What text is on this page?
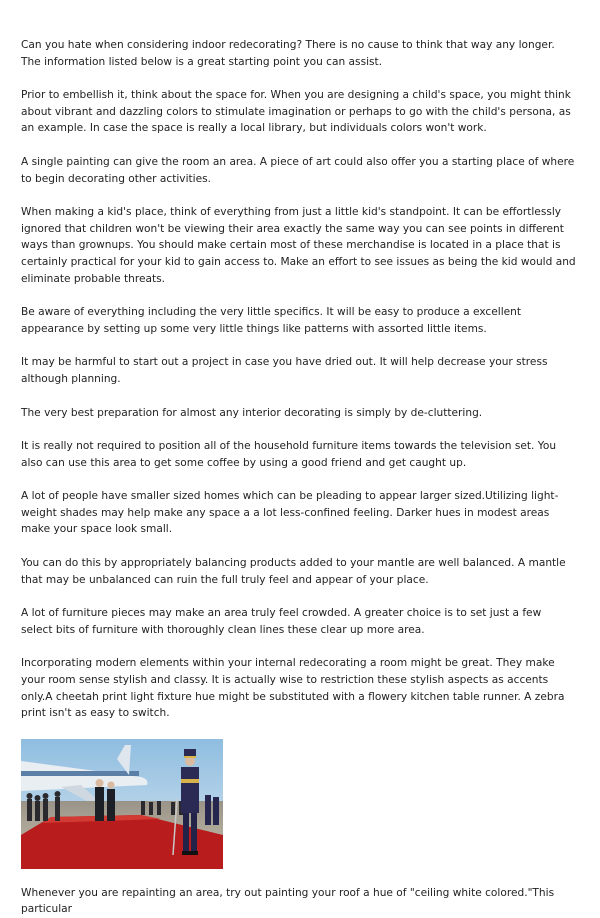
Can you hate when considering indoor redecorating? There is no cause to think that way any longer. The information listed below is a great starting point you can assist.

Prior to embellish it, think about the space for. When you are designing a child's space, you might think about vibrant and dazzling colors to stimulate imagination or perhaps to go with the child's persona, as an example. In case the space is really a local library, but individuals colors won't work.

A single painting can give the room an area. A piece of art could also offer you a starting place of where to begin decorating other activities.

When making a kid's place, think of everything from just a little kid's standpoint. It can be effortlessly ignored that children won't be viewing their area exactly the same way you can see points in different ways than grownups. You should make certain most of these merchandise is located in a place that is certainly practical for your kid to gain access to. Make an effort to see issues as being the kid would and eliminate probable threats.

Be aware of everything including the very little specifics. It will be easy to produce a excellent appearance by setting up some very little things like patterns with assorted little items.

It may be harmful to start out a project in case you have dried out. It will help decrease your stress although planning.

The very best preparation for almost any interior decorating is simply by de-cluttering.

It is really not required to position all of the household furniture items towards the television set. You also can use this area to get some coffee by using a good friend and get caught up.

A lot of people have smaller sized homes which can be pleading to appear larger sized.Utilizing light-weight shades may help make any space a a lot less-confined feeling. Darker hues in modest areas make your space look small.

You can do this by appropriately balancing products added to your mantle are well balanced. A mantle that may be unbalanced can ruin the full truly feel and appear of your place.

A lot of furniture pieces may make an area truly feel crowded. A greater choice is to set just a few select bits of furniture with thoroughly clean lines these clear up more area.

Incorporating modern elements within your internal redecorating a room might be great. They make your room sense stylish and classy. It is actually wise to restriction these stylish aspects as accents only.A cheetah print light fixture hue might be substituted with a flowery kitchen table runner. A zebra print isn't as easy to switch.

Whenever you are repainting an area, try out painting your roof a hue of "ceiling white colored."This particular
